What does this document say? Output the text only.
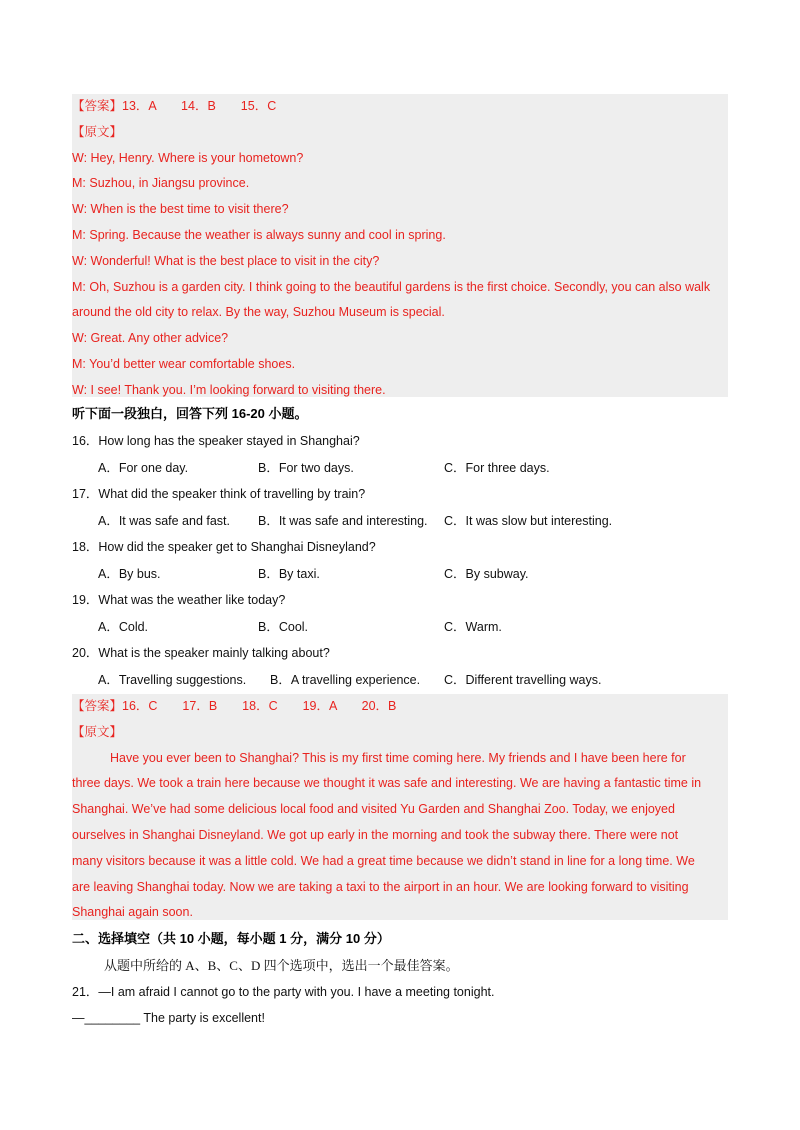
【答案】13．A　　14．B　　15．C
【原文】
W: Hey, Henry. Where is your hometown?
M: Suzhou, in Jiangsu province.
W: When is the best time to visit there?
M: Spring. Because the weather is always sunny and cool in spring.
W: Wonderful! What is the best place to visit in the city?
M: Oh, Suzhou is a garden city. I think going to the beautiful gardens is the first choice. Secondly, you can also walk
around the old city to relax. By the way, Suzhou Museum is special.
W: Great. Any other advice?
M: You’d better wear comfortable shoes.
W: I see! Thank you. I’m looking forward to visiting there.
听下面一段独白，回答下列 16-20 小题。
16．How long has the speaker stayed in Shanghai?
A．For one day.	B．For two days.	C．For three days.
17．What did the speaker think of travelling by train?
A．It was safe and fast. B．It was safe and interesting. C．It was slow but interesting.
18．How did the speaker get to Shanghai Disneyland?
A．By bus.	B．By taxi.	C．By subway.
19．What was the weather like today?
A．Cold.	B．Cool.	C．Warm.
20．What is the speaker mainly talking about?
A．Travelling suggestions. B．A travelling experience. C．Different travelling ways.
【答案】16．C　　17．B　　18．C　　19．A　　20．B
【原文】
Have you ever been to Shanghai? This is my first time coming here. My friends and I have been here for
three days. We took a train here because we thought it was safe and interesting. We are having a fantastic time in
Shanghai. We’ve had some delicious local food and visited Yu Garden and Shanghai Zoo. Today, we enjoyed
ourselves in Shanghai Disneyland. We got up early in the morning and took the subway there. There were not
many visitors because it was a little cold. We had a great time because we didn’t stand in line for a long time. We
are leaving Shanghai today. Now we are taking a taxi to the airport in an hour. We are looking forward to visiting
Shanghai again soon.
二、选择填空（共 10 小题，每小题 1 分，满分 10 分）
从题中所给的 A、B、C、D 四个选项中，选出一个最佳答案。
21．—I am afraid I cannot go to the party with you. I have a meeting tonight.
—________ The party is excellent!
